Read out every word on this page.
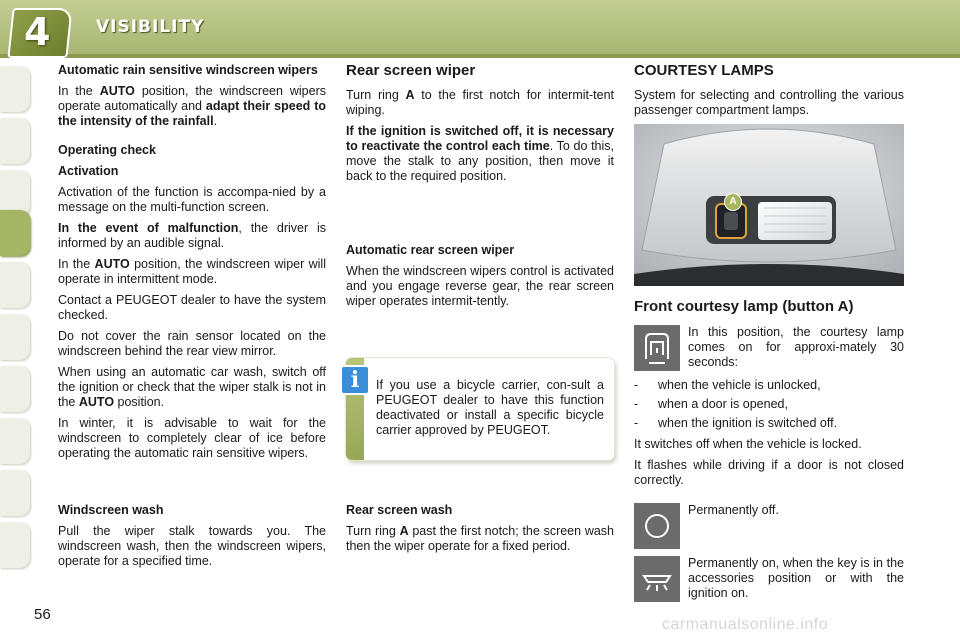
4	VISIBILITY

Automatic rain sensitive windscreen wipers

In the AUTO position, the windscreen wipers operate automatically and adapt their speed to the intensity of the rainfall.

Operating check

Activation

Activation of the function is accompa-nied by a message on the multi-function screen.

In the event of malfunction, the driver is informed by an audible signal.

In the AUTO position, the windscreen wiper will operate in intermittent mode.

Contact a PEUGEOT dealer to have the system checked.

Do not cover the rain sensor located on the windscreen behind the rear view mirror.

When using an automatic car wash, switch off the ignition or check that the wiper stalk is not in the AUTO position.

In winter, it is advisable to wait for the windscreen to completely clear of ice before operating the automatic rain sensitive wipers.

Windscreen wash

Pull the wiper stalk towards you. The windscreen wash, then the windscreen wipers, operate for a specified time.

Rear screen wiper

Turn ring A to the first notch for intermit-tent wiping.

If the ignition is switched off, it is necessary to reactivate the control each time. To do this, move the stalk to any position, then move it back to the required position.

Automatic rear screen wiper

When the windscreen wipers control is activated and you engage reverse gear, the rear screen wiper operates intermit-tently.

i	If you use a bicycle carrier, con-sult a PEUGEOT dealer to have this function deactivated or install a specific bicycle carrier approved by PEUGEOT.

Rear screen wash

Turn ring A past the first notch; the screen wash then the wiper operate for a fixed period.

COURTESY LAMPS

System for selecting and controlling the various passenger compartment lamps.

A
Front courtesy lamp (button A)

In this position, the courtesy lamp comes on for approxi-mately 30 seconds:

- when the vehicle is unlocked,
- when a door is opened,
- when the ignition is switched off.

It switches off when the vehicle is locked.

It flashes while driving if a door is not closed correctly.

Permanently off.

Permanently on, when the key is in the accessories position or with the ignition on.

56
carmanualsonline.info
